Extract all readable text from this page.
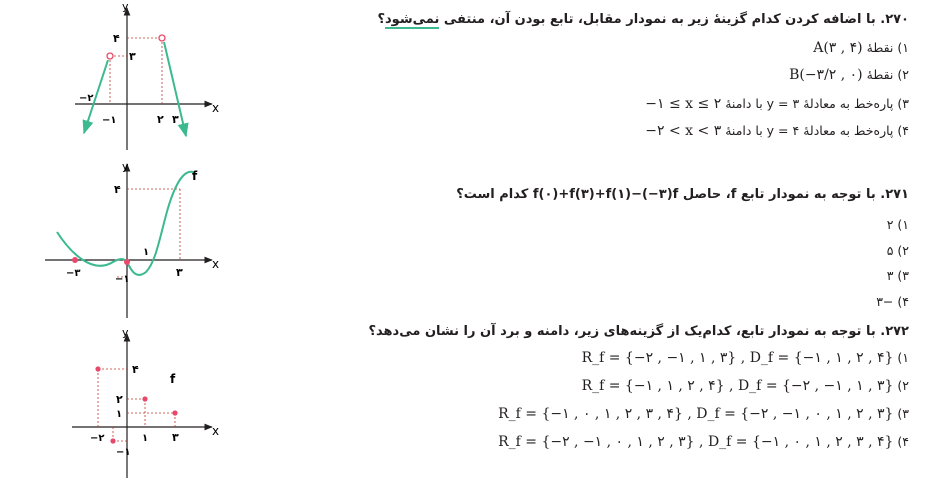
y
x
۴
۳
−۲
−۱	۲ ۳
y
x
f
۴
۱
−۳	۳
−۱
y
x
f
۴
۲
۱
−۲	۱ ۳
−۱
۲۷۰. با اضافه کردن کدام گزینهٔ زیر به نمودار مقابل، تابع بودن آن، منتفی نمی‌شود؟
۱) نقطهٔ A(۳ , ۴)
۲) نقطهٔ B(−۳/۲ , ۰)
۳) پاره‌خط به معادلهٔ y = ۳ با دامنهٔ −۱ ≤ x ≤ ۲
۴) پاره‌خط به معادلهٔ y = ۴ با دامنهٔ −۲ < x < ۳
۲۷۱. با توجه به نمودار تابع f، حاصل f(۰)+f(۳)+f(۱)−(−۳)f کدام است؟
۱) ۲
۲) ۵
۳) ۳
۴) −۳
۲۷۲. با توجه به نمودار تابع، کدام‌یک از گزینه‌های زیر، دامنه و برد آن را نشان می‌دهد؟
۱) R_f = {−۲ , −۱ , ۱ , ۳} , D_f = {−۱ , ۱ , ۲ , ۴}
۲) R_f = {−۱ , ۱ , ۲ , ۴} , D_f = {−۲ , −۱ , ۱ , ۳}
۳) R_f = {−۱ , ۰ , ۱ , ۲ , ۳ , ۴} , D_f = {−۲ , −۱ , ۰ , ۱ , ۲ , ۳}
۴) R_f = {−۲ , −۱ , ۰ , ۱ , ۲ , ۳} , D_f = {−۱ , ۰ , ۱ , ۲ , ۳ , ۴}
